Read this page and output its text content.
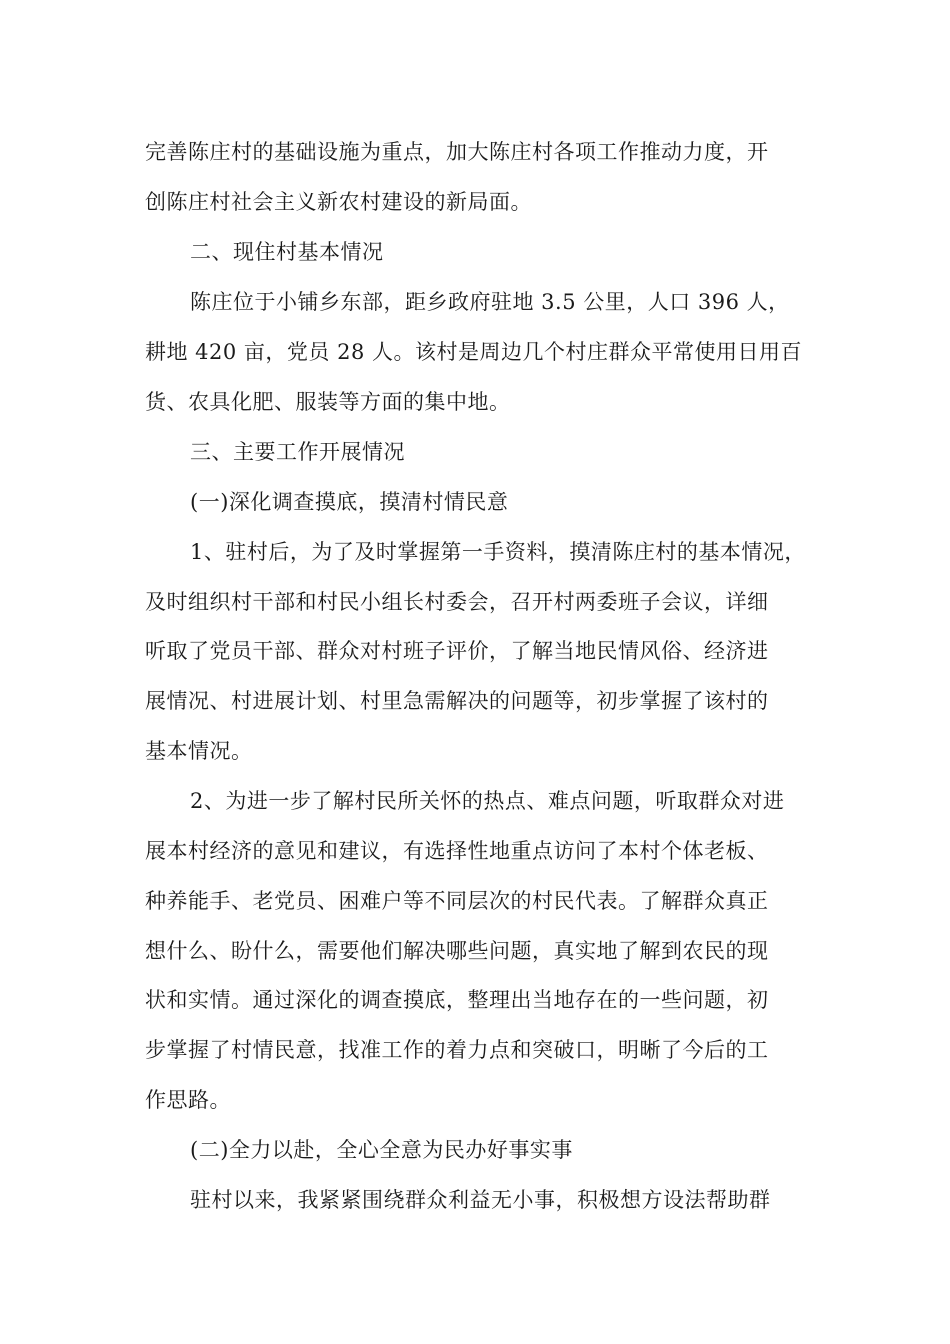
完善陈庄村的基础设施为重点，加大陈庄村各项工作推动力度，开
创陈庄村社会主义新农村建设的新局面。
二、现住村基本情况
陈庄位于小铺乡东部，距乡政府驻地 3.5 公里，人口 396 人，
耕地 420 亩，党员 28 人。该村是周边几个村庄群众平常使用日用百
货、农具化肥、服装等方面的集中地。
三、主要工作开展情况
(一)深化调查摸底，摸清村情民意
1、驻村后，为了及时掌握第一手资料，摸清陈庄村的基本情况，
及时组织村干部和村民小组长村委会，召开村两委班子会议，详细
听取了党员干部、群众对村班子评价，了解当地民情风俗、经济进
展情况、村进展计划、村里急需解决的问题等，初步掌握了该村的
基本情况。
2、为进一步了解村民所关怀的热点、难点问题，听取群众对进
展本村经济的意见和建议，有选择性地重点访问了本村个体老板、
种养能手、老党员、困难户等不同层次的村民代表。了解群众真正
想什么、盼什么，需要他们解决哪些问题，真实地了解到农民的现
状和实情。通过深化的调查摸底，整理出当地存在的一些问题，初
步掌握了村情民意，找准工作的着力点和突破口，明晰了今后的工
作思路。
(二)全力以赴，全心全意为民办好事实事
驻村以来，我紧紧围绕群众利益无小事，积极想方设法帮助群
